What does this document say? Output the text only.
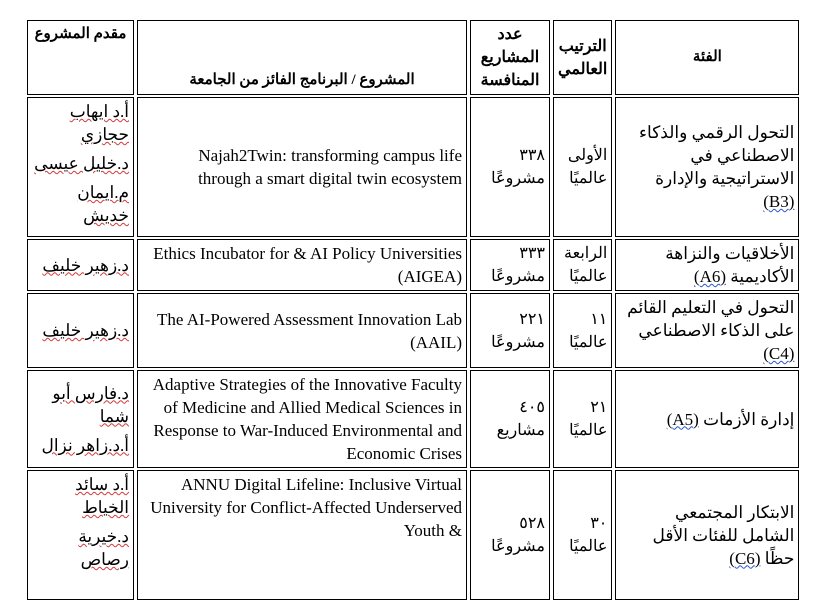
الفئة	الترتيب العالمي	عدد المشاريع المنافسة	المشروع / البرنامج الفائز من الجامعة	مقدم المشروع
التحول الرقمي والذكاء الاصطناعي في الاستراتيجية والإدارة (B3)	الأولى عالميًا	٣٣٨ مشروعًا	Najah2Twin: transforming campus life through a smart digital twin ecosystem	أ.د ايهاب حجازي
د.خليل عيسى
م.ايمان خديش

الأخلاقيات والنزاهة الأكاديمية (A6)	الرابعة عالميًا	٣٣٣ مشروعًا	Ethics Incubator for & AI Policy Universities (AIGEA)	د.زهير خليف

التحول في التعليم القائم على الذكاء الاصطناعي (C4)	١١ عالميًا	٢٢١ مشروعًا	The AI-Powered Assessment Innovation Lab (AAIL)	د.زهير خليف

إدارة الأزمات (A5)	٢١ عالميًا	٤٠٥ مشاريع	Adaptive Strategies of the Innovative Faculty of Medicine and Allied Medical Sciences in Response to War-Induced Environmental and Economic Crises	د.فارس أبو شما
أ.د.زاهر نزال

الابتكار المجتمعي الشامل للفئات الأقل حظًا (C6)	٣٠ عالميًا	٥٢٨ مشروعًا	ANNU Digital Lifeline: Inclusive Virtual University for Conflict-Affected Underserved Youth &	أ.د سائد الخياط
د.خيرية رصاص
